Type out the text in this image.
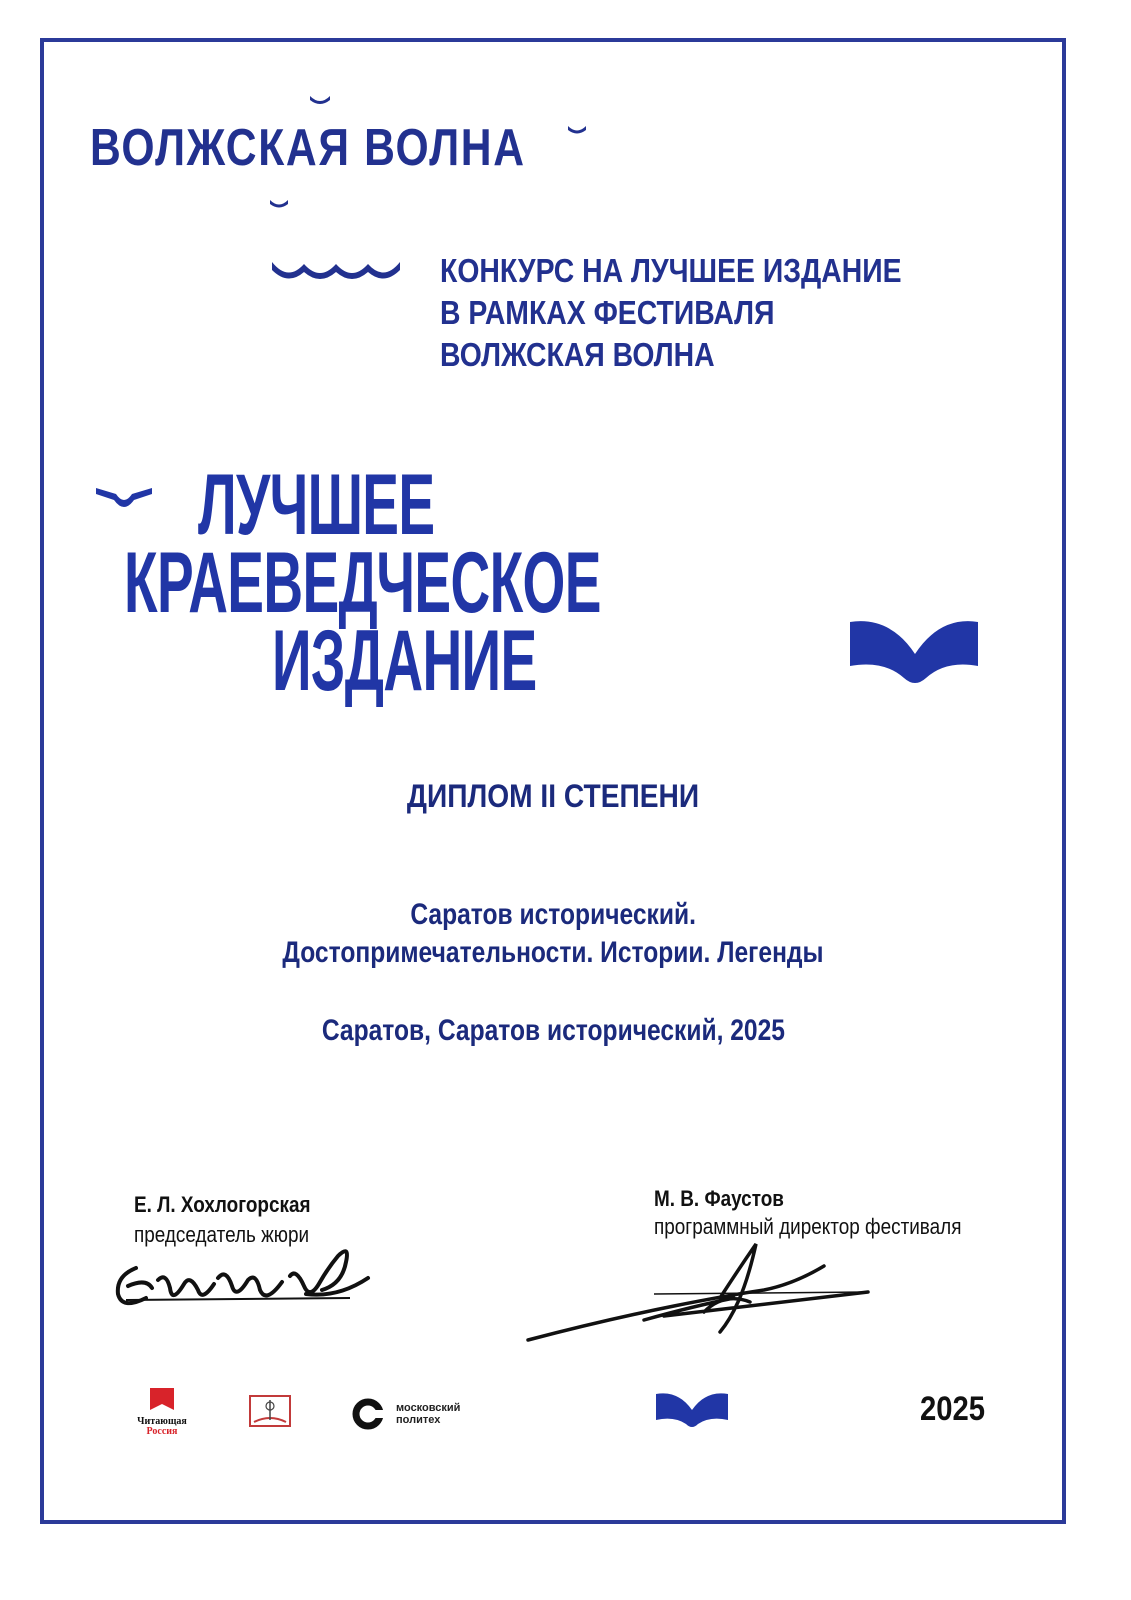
ВОЛЖСКАЯ ВОЛНА
КОНКУРС НА ЛУЧШЕЕ ИЗДАНИЕ
В РАМКАХ ФЕСТИВАЛЯ
ВОЛЖСКАЯ ВОЛНА
ЛУЧШЕЕ
КРАЕВЕДЧЕСКОЕ
ИЗДАНИЕ
ДИПЛОМ II СТЕПЕНИ
Саратов исторический.
Достопримечательности. Истории. Легенды
Саратов, Саратов исторический, 2025
Е. Л. Хохлогорская
председатель жюри
М. В. Фаустов
программный директор фестиваля
Читающая
Россия
московский
политех	2025
